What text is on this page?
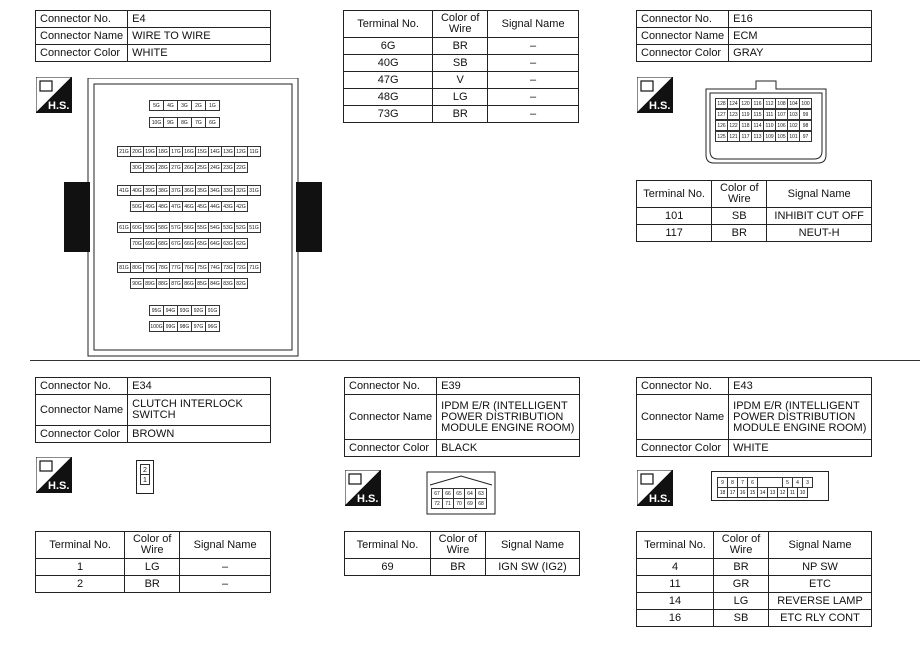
Connector No.	E4
Connector Name	WIRE TO WIRE
Connector Color	WHITE
H.S.	5G	4G	3G	2G	1G
10G	9G	8G	7G	6G
21G 20G 19G 18G 17G 16G 15G 14G 13G 12G 11G
30G 29G 28G 27G 26G 25G 24G 23G 22G
41G 40G 39G 38G 37G 36G 35G 34G 33G 32G 31G
50G 49G 48G 47G 46G 45G 44G 43G 42G
61G 60G 59G 58G 57G 56G 55G 54G 53G 52G 51G
70G 69G 68G 67G 66G 65G 64G 63G 62G
81G 80G 79G 78G 77G 76G 75G 74G 73G 72G 71G
90G 89G 88G 87G 86G 85G 84G 83G 82G
95G 94G 93G 92G 91G
100G 99G 98G 97G 96G
Terminal No.	Color of Wire	Signal Name
6G	BR	–
40G	SB	–
47G	V	–
48G	LG	–
73G	BR	–
Connector No.	E16
Connector Name	ECM
Connector Color	GRAY
H.S.	128 124 120 116 112 108 104 100
127 123 119 115 111 107 103	99
126 122 118 114 110 106 102	98
125 121 117 113 109 105 101	97
Terminal No.	Color of Wire	Signal Name
101	SB	INHIBIT CUT OFF
117	BR	NEUT-H
Connector No.	E34
Connector Name	CLUTCH INTERLOCK SWITCH
Connector Color	BROWN
H.S.
2
1
Terminal No.	Color of Wire	Signal Name
1	LG	–
2	BR	–
Connector No.	E39
Connector Name	IPDM E/R (INTELLIGENT POWER DISTRIBUTION MODULE ENGINE ROOM)
Connector Color	BLACK
H.S.	67	66	65	64	63
72	71	70	69	68
Terminal No.	Color of Wire	Signal Name
69	BR	IGN SW (IG2)
Connector No.	E43
Connector Name	IPDM E/R (INTELLIGENT POWER DISTRIBUTION MODULE ENGINE ROOM)
Connector Color	WHITE
H.S.
9	8	7	6	5	4	3
18 17 16 15 14 13 12 11 10
Terminal No.	Color of Wire	Signal Name
4	BR	NP SW
11	GR	ETC
14	LG	REVERSE LAMP
16	SB	ETC RLY CONT
